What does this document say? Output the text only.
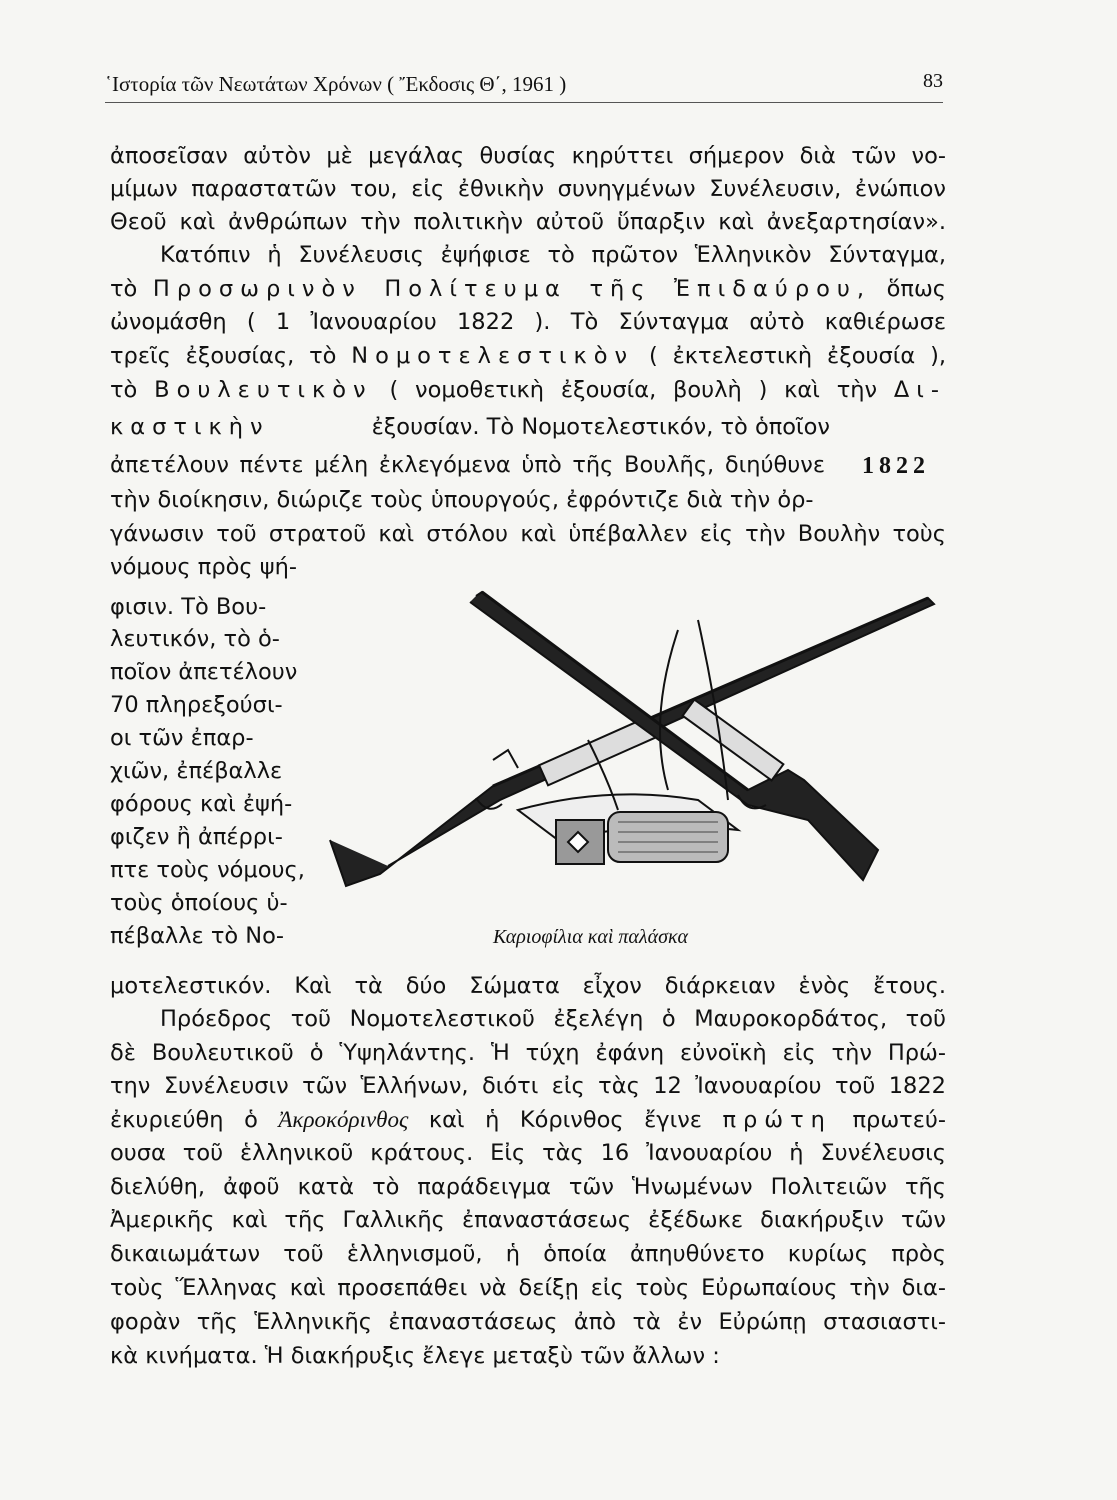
῾Ιστορία τῶν Νεωτάτων Χρόνων ( Ἔκδοσις Θ΄, 1961 )	83
ἀποσεῖσαν αὐτὸν μὲ μεγάλας θυσίας κηρύττει σήμερον διὰ τῶν νο-
μίμων παραστατῶν του, εἰς ἐθνικὴν συνηγμένων Συνέλευσιν, ἐνώπιον
Θεοῦ καὶ ἀνθρώπων τὴν πολιτικὴν αὐτοῦ ὕπαρξιν καὶ ἀνεξαρτησίαν».
Κατόπιν ἡ Συνέλευσις ἐψήφισε τὸ πρῶτον Ἑλληνικὸν Σύνταγμα,
τὸ Προσωρινὸν Πολίτευμα τῆς Ἐπιδαύρου, ὅπως
ὠνομάσθη ( 1 Ἰανουαρίου 1822 ). Τὸ Σύνταγμα αὐτὸ καθιέρωσε
τρεῖς ἐξουσίας, τὸ Νομοτελεστικὸν ( ἐκτελεστικὴ ἐξουσία ),
τὸ Βουλευτικὸν ( νομοθετικὴ ἐξουσία, βουλὴ ) καὶ τὴν Δι-
καστικὴν	ἐξουσίαν. Τὸ Νομοτελεστικόν, τὸ ὁποῖον
ἀπετέλουν πέντε μέλη ἐκλεγόμενα ὑπὸ τῆς Βουλῆς, διηύθυνε 1822
τὴν διοίκησιν, διώριζε τοὺς ὑπουργούς, ἐφρόντιζε διὰ τὴν ὀρ-
γάνωσιν τοῦ στρατοῦ καὶ στόλου καὶ ὑπέβαλλεν εἰς τὴν Βουλὴν τοὺς
νόμους πρὸς ψή-
φισιν. Τὸ Βου-
λευτικόν, τὸ ὁ-
ποῖον ἀπετέλουν
70 πληρεξούσι-
οι τῶν ἐπαρ-
χιῶν, ἐπέβαλλε
φόρους καὶ ἐψή-
φιζεν ἢ ἀπέρρι-
πτε τοὺς νόμους,
τοὺς ὁποίους ὑ-
πέβαλλε τὸ Νο-	Καριοφίλια καὶ παλάσκα
μοτελεστικόν. Καὶ τὰ δύο Σώματα εἶχον διάρκειαν ἑνὸς ἔτους.
Πρόεδρος τοῦ Νομοτελεστικοῦ ἐξελέγη ὁ Μαυροκορδάτος, τοῦ
δὲ Βουλευτικοῦ ὁ Ὑψηλάντης. Ἡ τύχη ἐφάνη εὐνοϊκὴ εἰς τὴν Πρώ-
την Συνέλευσιν τῶν Ἑλλήνων, διότι εἰς τὰς 12 Ἰανουαρίου τοῦ 1822
ἐκυριεύθη ὁ Ἀκροκόρινθος καὶ ἡ Κόρινθος ἔγινε πρώτη πρωτεύ-
ουσα τοῦ ἑλληνικοῦ κράτους. Εἰς τὰς 16 Ἰανουαρίου ἡ Συνέλευσις
διελύθη, ἀφοῦ κατὰ τὸ παράδειγμα τῶν Ἡνωμένων Πολιτειῶν τῆς
Ἀμερικῆς καὶ τῆς Γαλλικῆς ἐπαναστάσεως ἐξέδωκε διακήρυξιν τῶν
δικαιωμάτων τοῦ ἑλληνισμοῦ, ἡ ὁποία ἀπηυθύνετο κυρίως πρὸς
τοὺς Ἕλληνας καὶ προσεπάθει νὰ δείξῃ εἰς τοὺς Εὐρωπαίους τὴν δια-
φορὰν τῆς Ἑλληνικῆς ἐπαναστάσεως ἀπὸ τὰ ἐν Εὐρώπῃ στασιαστι-
κὰ κινήματα. Ἡ διακήρυξις ἔλεγε μεταξὺ τῶν ἄλλων :
